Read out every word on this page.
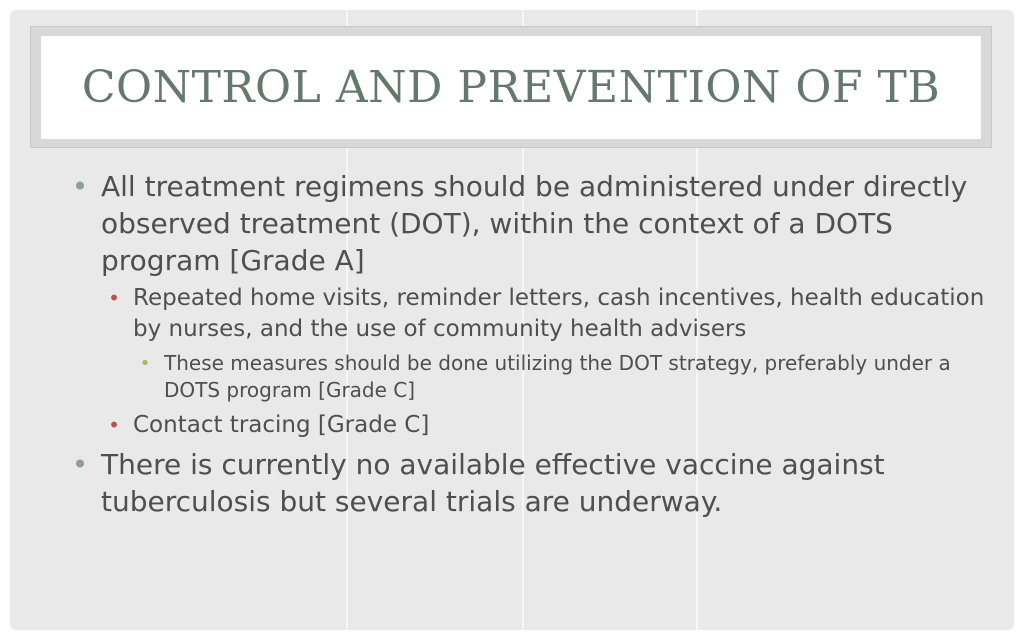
CONTROL AND PREVENTION OF TB
• All treatment regimens should be administered under directly observed treatment (DOT), within the context of a DOTS program [Grade A]
• Repeated home visits, reminder letters, cash incentives, health education by nurses, and the use of community health advisers
• These measures should be done utilizing the DOT strategy, preferably under a DOTS program [Grade C]
• Contact tracing [Grade C]
• There is currently no available effective vaccine against tuberculosis but several trials are underway.
